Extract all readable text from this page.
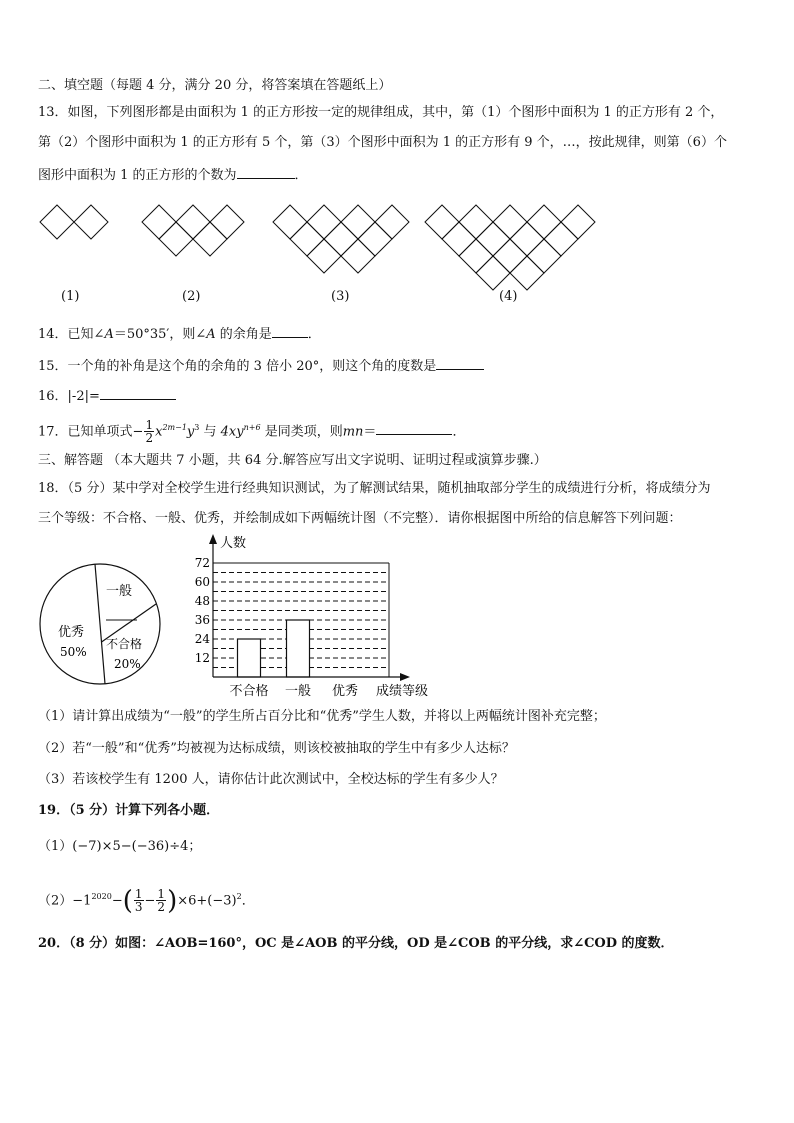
二、填空题（每题 4 分，满分 20 分，将答案填在答题纸上）
13．如图，下列图形都是由面积为 1 的正方形按一定的规律组成，其中，第（1）个图形中面积为 1 的正方形有 2 个，
第（2）个图形中面积为 1 的正方形有 5 个，第（3）个图形中面积为 1 的正方形有 9 个，…，按此规律，则第（6）个
图形中面积为 1 的正方形的个数为	．
(1)	(2)	(3)	(4)
14．已知∠A＝50°35′，则∠A 的余角是	．
15．一个角的补角是这个角的余角的 3 倍小 20°，则这个角的度数是
16．|-2|=
17．已知单项式− $\frac{1}{2} x^{2m-1}y^3$ 与 $4xy^{n+6}$ 是同类项，则mn＝	．
三、解答题 （本大题共 7 小题，共 64 分.解答应写出文字说明、证明过程或演算步骤.）
18．（5 分）某中学对全校学生进行经典知识测试，为了解测试结果，随机抽取部分学生的成绩进行分析，将成绩分为
三个等级：不合格、一般、优秀，并绘制成如下两幅统计图（不完整）．请你根据图中所给的信息解答下列问题：
一般
优秀
50%
不合格
20%	12
24
36
48
60
72
不合格 一般 优秀
人数
成绩等级
（1）请计算出成绩为“一般”的学生所占百分比和“优秀”学生人数，并将以上两幅统计图补充完整；
（2）若“一般”和“优秀”均被视为达标成绩，则该校被抽取的学生中有多少人达标？
（3）若该校学生有 1200 人，请你估计此次测试中，全校达标的学生有多少人？
19．（5 分）计算下列各小题．
（1）(−7)×5−(−36)÷4；
$(2)-1^{2020}-( \frac{1}{3} - \frac{1}{2} )\times 6+(-3)^2$．
20．（8 分）如图：∠AOB=160°，OC 是∠AOB 的平分线，OD 是∠COB 的平分线，求∠COD 的度数．
